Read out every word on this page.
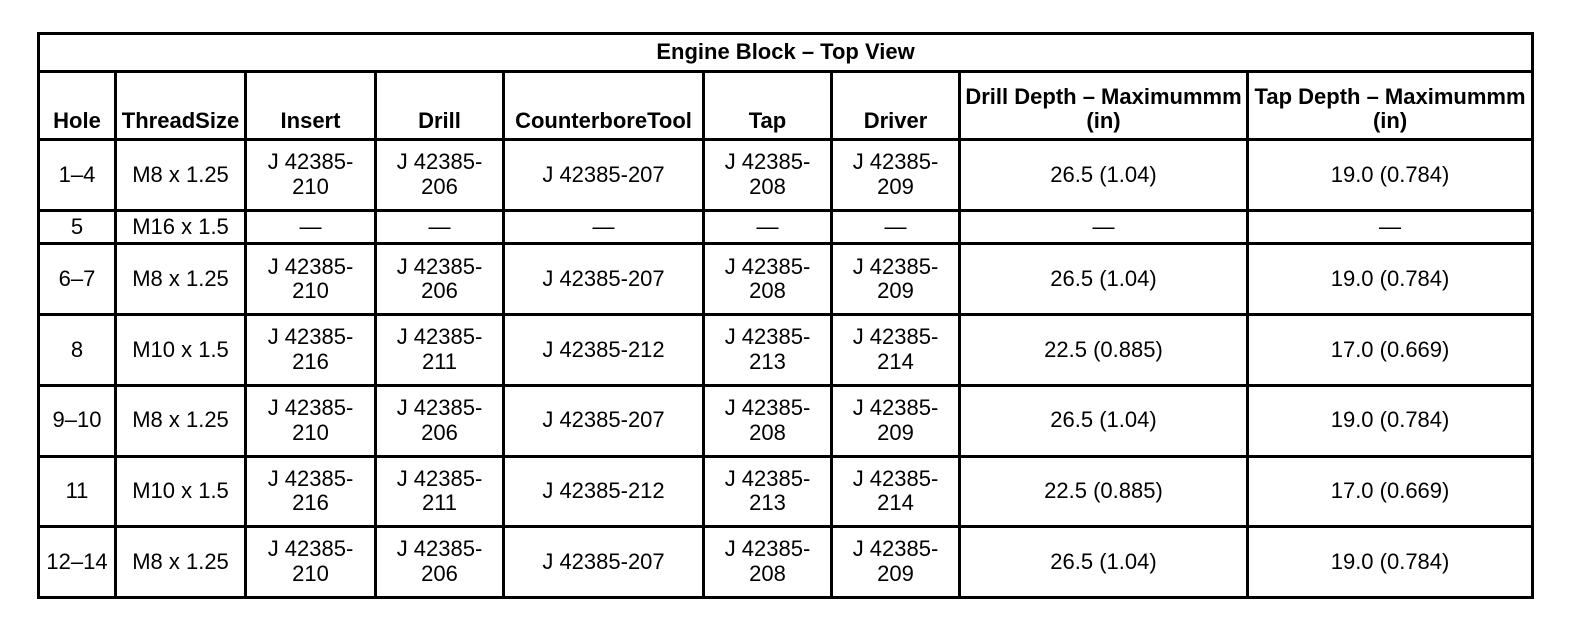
Engine Block – Top View								
Hole	ThreadSize	Insert	Drill	CounterboreTool	Tap	Driver	Drill Depth – Maximummm (in)	Tap Depth – Maximummm (in)
1–4	M8 x 1.25	J 42385-210	J 42385-206	J 42385-207	J 42385-208	J 42385-209	26.5 (1.04)	19.0 (0.784)
5	M16 x 1.5	—	—	—	—	—	—	—
6–7	M8 x 1.25	J 42385-210	J 42385-206	J 42385-207	J 42385-208	J 42385-209	26.5 (1.04)	19.0 (0.784)
8	M10 x 1.5	J 42385-216	J 42385-211	J 42385-212	J 42385-213	J 42385-214	22.5 (0.885)	17.0 (0.669)
9–10	M8 x 1.25	J 42385-210	J 42385-206	J 42385-207	J 42385-208	J 42385-209	26.5 (1.04)	19.0 (0.784)
11	M10 x 1.5	J 42385-216	J 42385-211	J 42385-212	J 42385-213	J 42385-214	22.5 (0.885)	17.0 (0.669)
12–14	M8 x 1.25	J 42385-210	J 42385-206	J 42385-207	J 42385-208	J 42385-209	26.5 (1.04)	19.0 (0.784)
